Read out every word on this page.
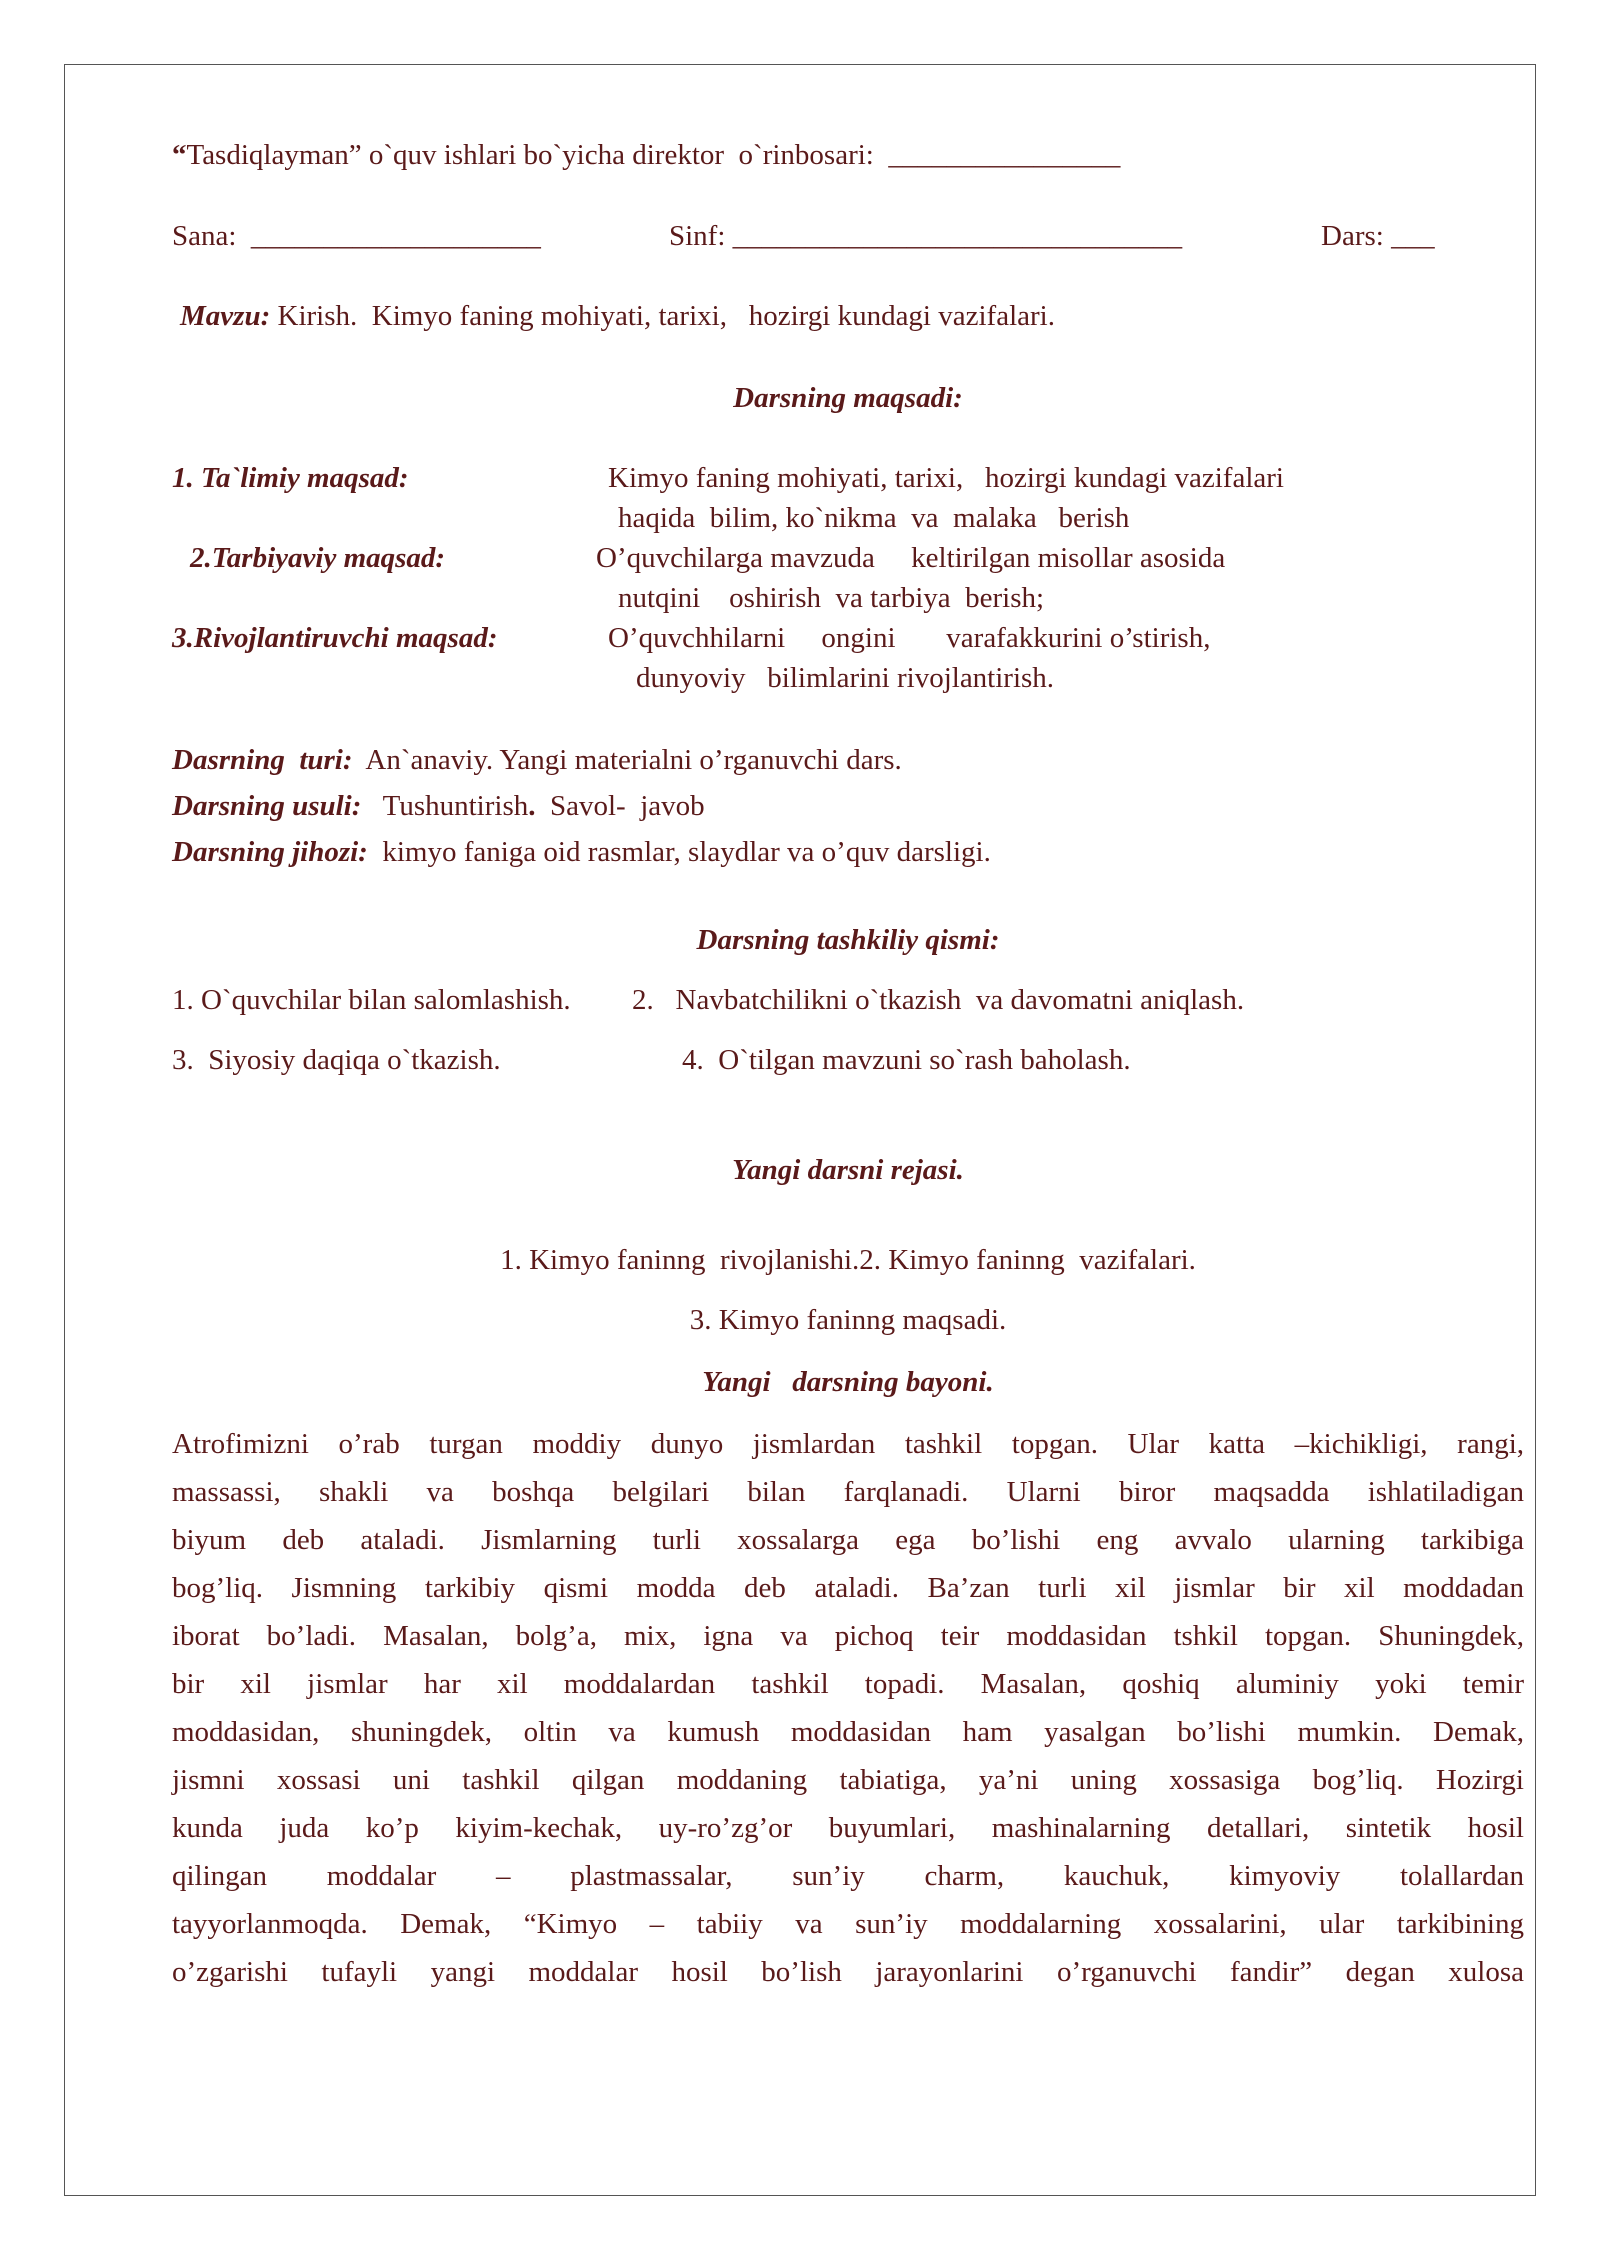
“Tasdiqlayman” o`quv ishlari bo`yicha direktor  o`rinbosari:  ________________
Sana:  ____________________	Sinf: _______________________________	Dars: ___
Mavzu: Kirish.  Kimyo faning mohiyati, tarixi,   hozirgi kundagi vazifalari.
Darsning maqsadi:
1. Ta`limiy maqsad:	Kimyo faning mohiyati, tarixi,   hozirgi kundagi vazifalari
haqida  bilim, ko`nikma  va  malaka   berish
2.Tarbiyaviy maqsad:	O’quvchilarga mavzuda     keltirilgan misollar asosida
nutqini    oshirish  va tarbiya  berish;
3.Rivojlantiruvchi maqsad:	O’quvchhilarni     ongini       varafakkurini o’stirish,
dunyoviy   bilimlarini rivojlantirish.
Dasrning  turi:  An`anaviy. Yangi materialni o’rganuvchi dars.
Darsning usuli:   Tushuntirish.  Savol-  javob
Darsning jihozi:  kimyo faniga oid rasmlar, slaydlar va o’quv darsligi.
Darsning tashkiliy qismi:
1. O`quvchilar bilan salomlashish. 2.   Navbatchilikni o`tkazish  va davomatni aniqlash.
3.  Siyosiy daqiqa o`tkazish.	4.  O`tilgan mavzuni so`rash baholash.
Yangi darsni rejasi.
1. Kimyo faninng  rivojlanishi.2. Kimyo faninng  vazifalari.
3. Kimyo faninng maqsadi.
Yangi   darsning bayoni.
Atrofimizni o’rab turgan moddiy dunyo jismlardan tashkil topgan. Ular katta –kichikligi, rangi,
massassi, shakli va boshqa belgilari bilan farqlanadi. Ularni biror maqsadda ishlatiladigan
biyum deb ataladi. Jismlarning turli xossalarga ega bo’lishi eng avvalo ularning tarkibiga
bog’liq. Jismning tarkibiy qismi modda deb ataladi. Ba’zan turli xil jismlar bir xil moddadan
iborat bo’ladi. Masalan, bolg’a, mix, igna va pichoq teir moddasidan tshkil topgan. Shuningdek,
bir xil jismlar har xil moddalardan tashkil topadi. Masalan, qoshiq aluminiy yoki temir
moddasidan, shuningdek, oltin va kumush moddasidan ham yasalgan bo’lishi mumkin. Demak,
jismni xossasi uni tashkil qilgan moddaning tabiatiga, ya’ni uning xossasiga bog’liq. Hozirgi
kunda juda ko’p kiyim-kechak, uy-ro’zg’or buyumlari, mashinalarning detallari, sintetik hosil
qilingan moddalar – plastmassalar, sun’iy charm, kauchuk, kimyoviy tolallardan
tayyorlanmoqda. Demak, “Kimyo – tabiiy va sun’iy moddalarning xossalarini, ular tarkibining
o’zgarishi tufayli yangi moddalar hosil bo’lish jarayonlarini o’rganuvchi fandir” degan xulosa
